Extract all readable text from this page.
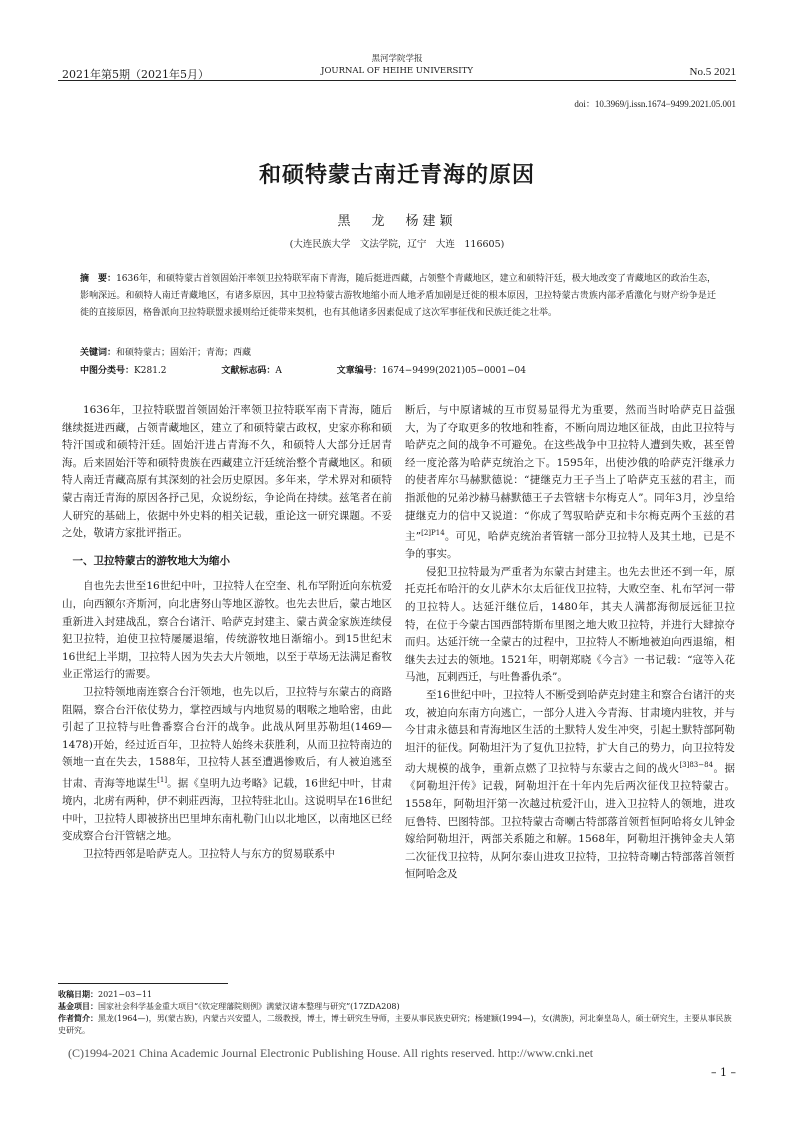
2021年第5期（2021年5月）
黑河学院学报
JOURNAL OF HEIHE UNIVERSITY	No.5 2021
doi：10.3969/j.issn.1674−9499.2021.05.001
和硕特蒙古南迁青海的原因
黑　龙　杨建颖
(大连民族大学　文法学院，辽宁　大连　116605)
摘　要：1636年，和硕特蒙古首领固始汗率领卫拉特联军南下青海，随后挺进西藏，占领整个青藏地区，建立和硕特汗廷，极大地改变了青藏地区的政治生态，影响深远。和硕特人南迁青藏地区，有诸多原因，其中卫拉特蒙古游牧地缩小而人地矛盾加剧是迁徙的根本原因，卫拉特蒙古贵族内部矛盾激化与财产纷争是迁徙的直接原因，格鲁派向卫拉特联盟求援则给迁徙带来契机，也有其他诸多因素促成了这次军事征伐和民族迁徙之壮举。
关键词：和硕特蒙古；固始汗；青海；西藏
中图分类号：K281.2	文献标志码：A	文章编号：1674−9499(2021)05−0001−04

1636年，卫拉特联盟首领固始汗率领卫拉特联军南下青海，随后继续挺进西藏，占领青藏地区，建立了和硕特蒙古政权，史家亦称和硕特汗国或和硕特汗廷。固始汗进占青海不久，和硕特人大部分迁居青海。后来固始汗等和硕特贵族在西藏建立汗廷统治整个青藏地区。和硕特人南迁青藏高原有其深刻的社会历史原因。多年来，学术界对和硕特蒙古南迁青海的原因各抒己见，众说纷纭，争论尚在持续。兹笔者在前人研究的基础上，依据中外史料的相关记载，重论这一研究课题。不妥之处，敬请方家批评指正。

一、卫拉特蒙古的游牧地大为缩小

自也先去世至16世纪中叶，卫拉特人在空奎、札布罕附近向东杭爱山，向西额尔齐斯河，向北唐努山等地区游牧。也先去世后，蒙古地区重新进入封建战乱，察合台诸汗、哈萨克封建主、蒙古黄金家族连续侵犯卫拉特，迫使卫拉特屡屡退缩，传统游牧地日渐缩小。到15世纪末16世纪上半期，卫拉特人因为失去大片领地，以至于草场无法满足畜牧业正常运行的需要。

卫拉特领地南连察合台汗领地，也先以后，卫拉特与东蒙古的商路阻隔，察合台汗依仗势力，掌控西域与内地贸易的咽喉之地哈密，由此引起了卫拉特与吐鲁番察合台汗的战争。此战从阿里苏勒坦(1469—1478)开始，经过近百年，卫拉特人始终未获胜利，从而卫拉特南边的领地一直在失去，1588年，卫拉特人甚至遭遇惨败后，有人被迫逃至甘肃、青海等地谋生[1]。据《皇明九边考略》记载，16世纪中叶，甘肃境内，北虏有两种，伊不剌莊西海，卫拉特驻北山。这说明早在16世纪中叶，卫拉特人即被挤出巴里坤东南札勒门山以北地区，以南地区已经变成察合台汗管辖之地。

卫拉特西邻是哈萨克人。卫拉特人与东方的贸易联系中

断后，与中原诸城的互市贸易显得尤为重要，然而当时哈萨克日益强大，为了夺取更多的牧地和牲畜，不断向周边地区征战，由此卫拉特与哈萨克之间的战争不可避免。在这些战争中卫拉特人遭到失败，甚至曾经一度沦落为哈萨克统治之下。1595年，出使沙俄的哈萨克汗继承力的使者库尔马赫默德说：“捷继克力王子当上了哈萨克玉兹的君主，而指派他的兄弟沙赫马赫默德王子去管辖卡尔梅克人”。同年3月，沙皇给捷继克力的信中又说道：“你成了驾驭哈萨克和卡尔梅克两个玉兹的君主”$^{[2]P14}$。可见，哈萨克统治者管辖一部分卫拉特人及其土地，已是不争的事实。

侵犯卫拉特最为严重者为东蒙古封建主。也先去世还不到一年，原托克托布哈汗的女儿萨木尔太后征伐卫拉特，大败空奎、札布罕河一带的卫拉特人。达延汗继位后，1480年，其夫人满都海彻辰远征卫拉特，在位于今蒙古国西部特斯布里图之地大败卫拉特，并进行大肆掠夺而归。达延汗统一全蒙古的过程中，卫拉特人不断地被迫向西退缩，相继失去过去的领地。1521年，明朝郑晓《今言》一书记载：“寇等入花马池，瓦剌西迁，与吐鲁番仇杀”。

至16世纪中叶，卫拉特人不断受到哈萨克封建主和察合台诸汗的夹攻，被迫向东南方向逃亡，一部分人进入今青海、甘肃境内驻牧，并与今甘肃永德县和青海地区生活的土默特人发生冲突，引起土默特部阿勒坦汗的征伐。阿勒坦汗为了复仇卫拉特，扩大自己的势力，向卫拉特发动大规模的战争，重新点燃了卫拉特与东蒙古之间的战火$^{[3]83-84}$。据《阿勒坦汗传》记载，阿勒坦汗在十年内先后两次征伐卫拉特蒙古。1558年，阿勒坦汗第一次越过杭爱汗山，进入卫拉特人的领地，进攻厄鲁特、巴图特部。卫拉特蒙古奇喇古特部落首领哲恒阿哈将女儿钟金嫁给阿勒坦汗，两部关系随之和解。1568年，阿勒坦汗携钟金夫人第二次征伐卫拉特，从阿尔泰山进攻卫拉特，卫拉特奇喇古特部落首领哲恒阿哈念及

收稿日期：2021−03−11
基金项目：国家社会科学基金重大项目“《钦定理藩院则例》满蒙汉诸本整理与研究”(17ZDA208)
作者简介：黑龙(1964—)，男(蒙古族)，内蒙古兴安盟人，二级教授，博士，博士研究生导师，主要从事民族史研究；杨建颖(1994—)，女(满族)，河北秦皇岛人，硕士研究生，主要从事民族史研究。
(C)1994-2021 China Academic Journal Electronic Publishing House. All rights reserved. http://www.cnki.net
– 1 –
